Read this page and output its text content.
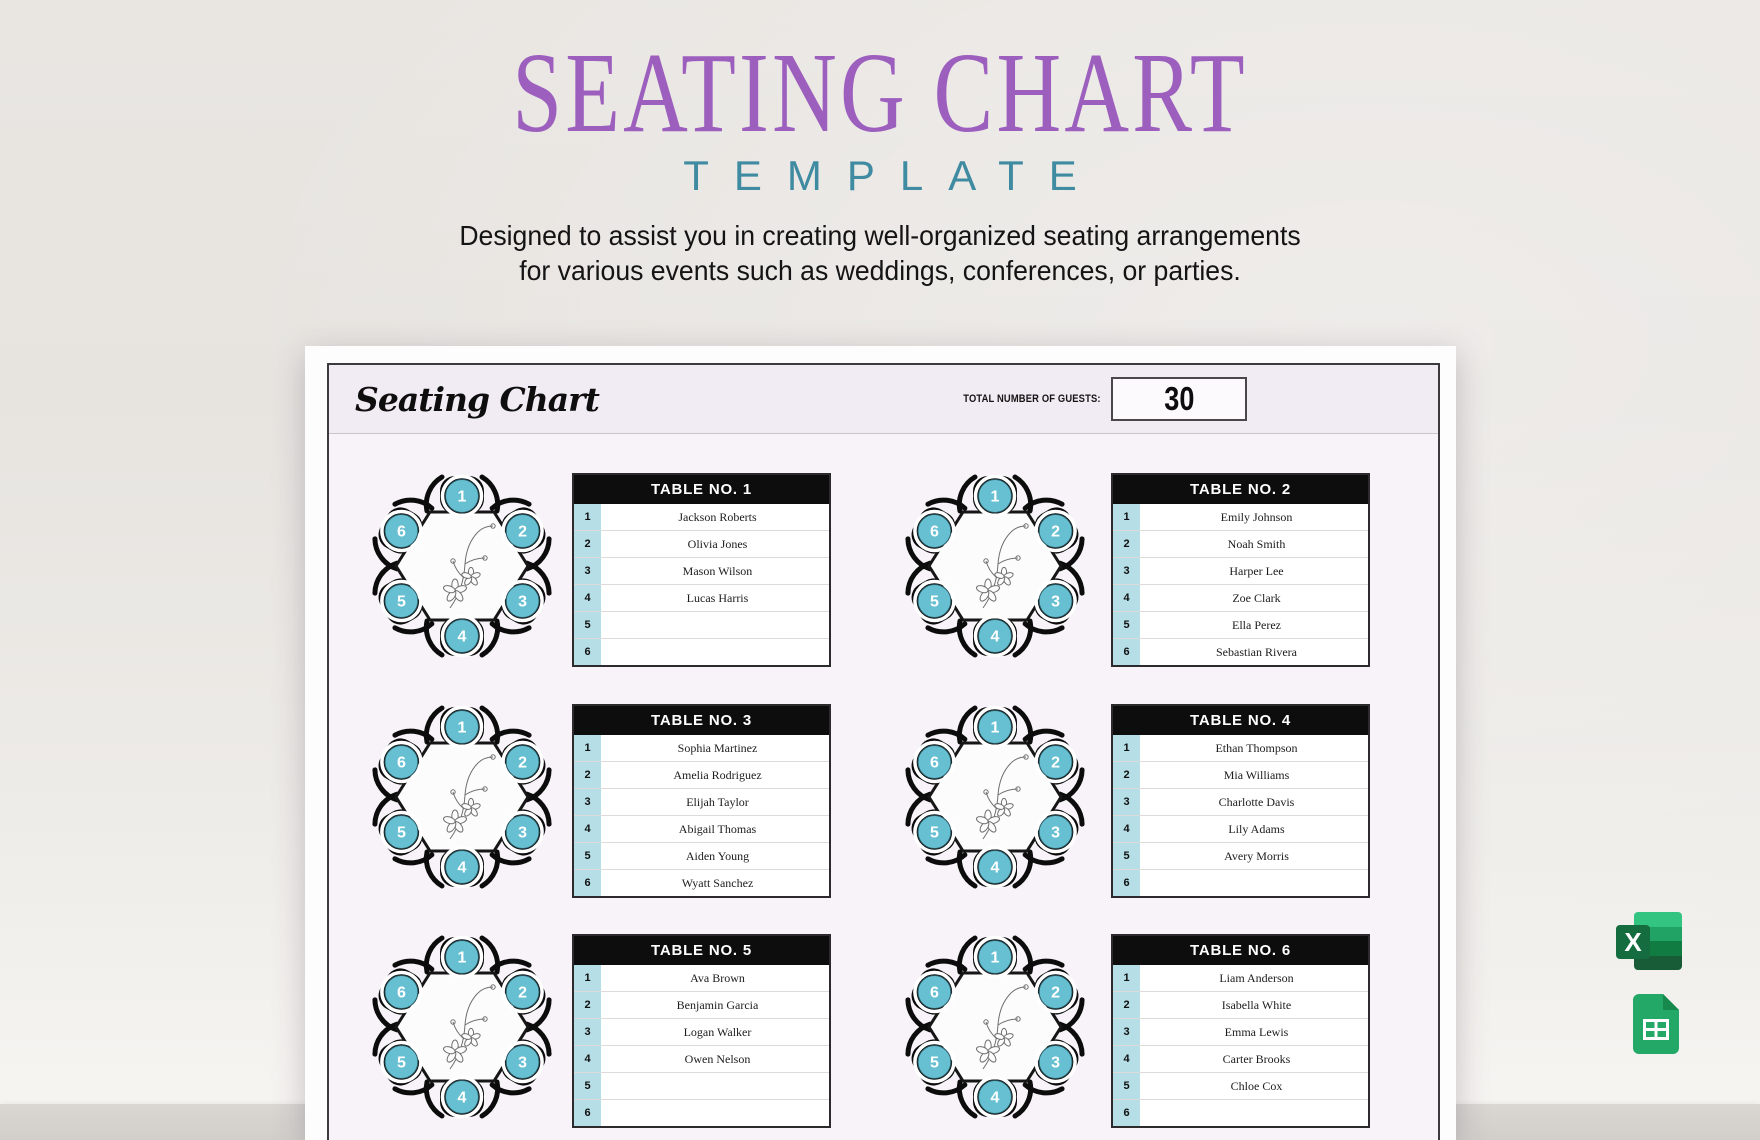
SEATING CHART
TEMPLATE

Designed to assist you in creating well-organized seating arrangements
for various events such as weddings, conferences, or parties.

Seating Chart	TOTAL NUMBER OF GUESTS: 30
1
2
3
4
5
6
TABLE NO. 1
1	Jackson Roberts
2	Olivia Jones
3	Mason Wilson
4	Lucas Harris
5
6
1
2
3
4
5
6
TABLE NO. 2
1	Emily Johnson
2	Noah Smith
3	Harper Lee
4	Zoe Clark
5	Ella Perez
6	Sebastian Rivera
1
2
3
4
5
6
TABLE NO. 3
1	Sophia Martinez
2	Amelia Rodriguez
3	Elijah Taylor
4	Abigail Thomas
5	Aiden Young
6	Wyatt Sanchez
1
2
3
4
5
6
TABLE NO. 4
1	Ethan Thompson
2	Mia Williams
3	Charlotte Davis
4	Lily Adams
5	Avery Morris
6
1
2
3
4
5
6
TABLE NO. 5
1	Ava Brown
2	Benjamin Garcia
3	Logan Walker
4	Owen Nelson
5
6
1
2
3
4
5
6
TABLE NO. 6
1	Liam Anderson
2	Isabella White
3	Emma Lewis
4	Carter Brooks
5	Chloe Cox
6
X
